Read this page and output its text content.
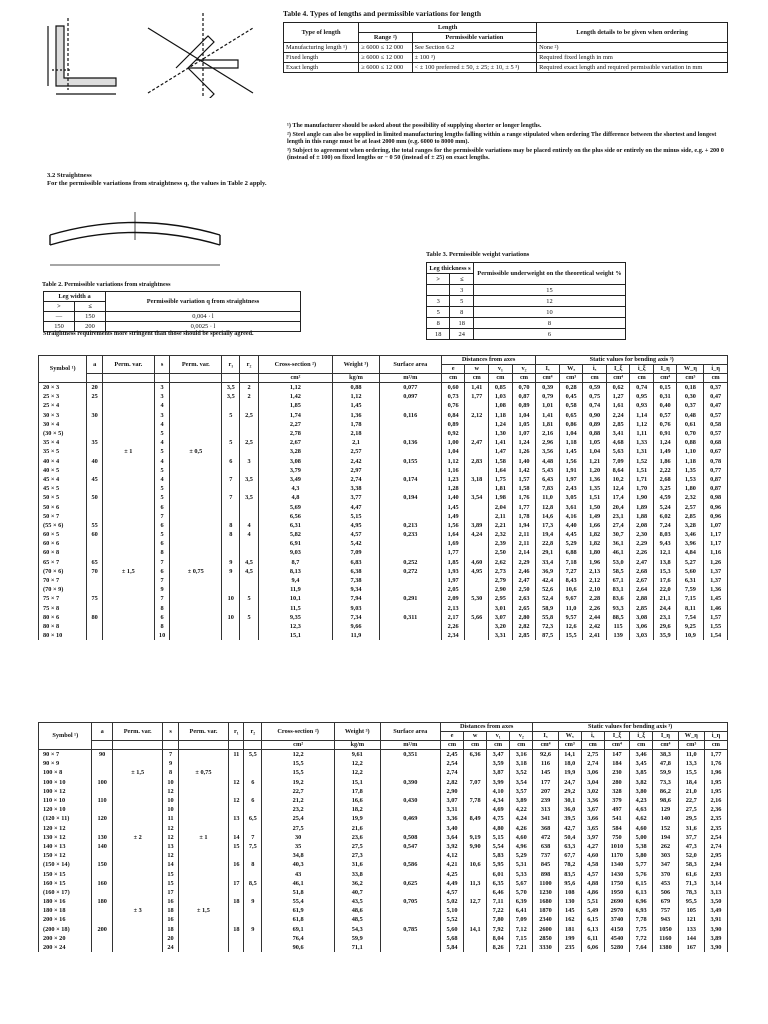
Table 4. Types of lengths and permissible variations for length
Type of length	Length		Length details to be given when ordering
	Range ²)	Permissible variation	
Manufacturing length ¹)	≥ 6000 ≤ 12 000	See Section 6.2	None ²)
Fixed length	≥ 6000 ≤ 12 000	± 100 ³)	Required fixed length in mm
Exact length	≥ 6000 ≤ 12 000	< ± 100 preferred ± 50, ± 25; ± 10, ± 5 ³)	Required exact length and required permissible variation in mm

¹) The manufacturer should be asked about the possibility of supplying shorter or longer lengths.

²) Steel angle can also be supplied in limited manufacturing lengths falling within a range stipulated when ordering The difference between the shortest and longest length in this range must be at least 2000 mm (e.g. 6000 to 8000 mm).

³) Subject to agreement when ordering, the total ranges for the permissible variations may be placed entirely on the plus side or entirely on the minus side, e.g. + 200 0 (instead of ± 100) on fixed lengths or − 0 50 (instead of ± 25) on exact lengths.

3.2 Straightness
For the permissible variations from straightness q, the values in Table 2 apply.
Table 2. Permissible variations from straightness
Leg width a		Permissible variation q from straightness
>	≤	
—	150	0,004 · l
150	200	0,0025 · l
Straightness requirements more stringent than those should be specially agreed.
Table 3. Permissible weight variations
Leg thickness s		Permissible underweight on the theoretical weight %
>	≤	
	3	15
3	5	12
5	8	10
8	18	8
18	24	6
Symbol ¹)	a	Perm. var.	s	Perm. var.	r₁	r₂	Cross-section ²)	Weight ³)	Surface area	Distances from axes				Static values for bending axis ³)							
										e	w	v₁	v₂	Iₓ	Wₓ	iₓ	I_ξ	i_ξ	I_η	W_η	i_η
							cm²	kg/m	m²/m	cm	cm	cm	cm	cm⁴	cm³	cm	cm⁴	cm	cm⁴	cm³	cm
20 × 3	20		3		3,5	2	1,12	0,88	0,077	0,60	1,41	0,85	0,70	0,39	0,28	0,59	0,62	0,74	0,15	0,18	0,37
25 × 3	25		3		3,5	2	1,42	1,12	0,097	0,73	1,77	1,03	0,87	0,79	0,45	0,75	1,27	0,95	0,31	0,30	0,47
25 × 4			4				1,85	1,45		0,76		1,08	0,89	1,01	0,58	0,74	1,61	0,93	0,40	0,37	0,47
30 × 3	30		3		5	2,5	1,74	1,36	0,116	0,84	2,12	1,18	1,04	1,41	0,65	0,90	2,24	1,14	0,57	0,48	0,57
30 × 4			4				2,27	1,78		0,89		1,24	1,05	1,81	0,86	0,89	2,85	1,12	0,76	0,61	0,58
(30 × 5)			5				2,78	2,18		0,92		1,30	1,07	2,16	1,04	0,88	3,41	1,11	0,91	0,70	0,57
35 × 4	35		4		5	2,5	2,67	2,1	0,136	1,00	2,47	1,41	1,24	2,96	1,18	1,05	4,68	1,33	1,24	0,88	0,68
35 × 5		± 1	5	± 0,5			3,28	2,57		1,04		1,47	1,26	3,56	1,45	1,04	5,63	1,31	1,49	1,10	0,67
40 × 4	40		4		6	3	3,08	2,42	0,155	1,12	2,83	1,58	1,40	4,48	1,56	1,21	7,09	1,52	1,86	1,18	0,78
40 × 5			5				3,79	2,97		1,16		1,64	1,42	5,43	1,91	1,20	8,64	1,51	2,22	1,35	0,77
45 × 4	45		4		7	3,5	3,49	2,74	0,174	1,23	3,18	1,75	1,57	6,43	1,97	1,36	10,2	1,71	2,68	1,53	0,87
45 × 5			5				4,3	3,38		1,28		1,81	1,58	7,83	2,43	1,35	12,4	1,70	3,25	1,80	0,87
50 × 5	50		5		7	3,5	4,8	3,77	0,194	1,40	3,54	1,98	1,76	11,0	3,05	1,51	17,4	1,90	4,59	2,32	0,98
50 × 6			6				5,69	4,47		1,45		2,04	1,77	12,8	3,61	1,50	20,4	1,89	5,24	2,57	0,96
50 × 7			7				6,56	5,15		1,49		2,11	1,78	14,6	4,16	1,49	23,1	1,88	6,02	2,85	0,96
(55 × 6)	55		6		8	4	6,31	4,95	0,213	1,56	3,89	2,21	1,94	17,3	4,40	1,66	27,4	2,08	7,24	3,28	1,07
60 × 5	60		5		8	4	5,82	4,57	0,233	1,64	4,24	2,32	2,11	19,4	4,45	1,82	30,7	2,30	8,03	3,46	1,17
60 × 6			6				6,91	5,42		1,69		2,39	2,11	22,8	5,29	1,82	36,1	2,29	9,43	3,96	1,17
60 × 8			8				9,03	7,09		1,77		2,50	2,14	29,1	6,88	1,80	46,1	2,26	12,1	4,84	1,16
65 × 7	65		7		9	4,5	8,7	6,83	0,252	1,85	4,60	2,62	2,29	33,4	7,18	1,96	53,0	2,47	13,8	5,27	1,26
(70 × 6)	70	± 1,5	6	± 0,75	9	4,5	8,13	6,38	0,272	1,93	4,95	2,73	2,46	36,9	7,27	2,13	58,5	2,68	15,3	5,60	1,37
70 × 7			7				9,4	7,38		1,97		2,79	2,47	42,4	8,43	2,12	67,1	2,67	17,6	6,31	1,37
(70 × 9)			9				11,9	9,34		2,05		2,90	2,50	52,6	10,6	2,10	83,1	2,64	22,0	7,59	1,36
75 × 7	75		7		10	5	10,1	7,94	0,291	2,09	5,30	2,95	2,63	52,4	9,67	2,28	83,6	2,88	21,1	7,15	1,45
75 × 8			8				11,5	9,03		2,13		3,01	2,65	58,9	11,0	2,26	93,3	2,85	24,4	8,11	1,46
80 × 6	80		6		10	5	9,35	7,34	0,311	2,17	5,66	3,07	2,80	55,8	9,57	2,44	88,5	3,08	23,1	7,54	1,57
80 × 8			8				12,3	9,66		2,26		3,20	2,82	72,3	12,6	2,42	115	3,06	29,6	9,25	1,55
80 × 10			10				15,1	11,9		2,34		3,31	2,85	87,5	15,5	2,41	139	3,03	35,9	10,9	1,54
Symbol ¹)	a	Perm. var.	s	Perm. var.	r₁	r₂	Cross-section ²)	Weight ³)	Surface area	Distances from axes				Static values for bending axis ³)							
										e	w	v₁	v₂	Iₓ	Wₓ	iₓ	I_ξ	i_ξ	I_η	W_η	i_η
							cm²	kg/m	m²/m	cm	cm	cm	cm	cm⁴	cm³	cm	cm⁴	cm	cm⁴	cm³	cm
90 × 7	90		7		11	5,5	12,2	9,61	0,351	2,45	6,36	3,47	3,16	92,6	14,1	2,75	147	3,46	38,3	11,0	1,77
90 × 9			9				15,5	12,2		2,54		3,59	3,18	116	18,0	2,74	184	3,45	47,8	13,3	1,76
100 × 8		± 1,5	8	± 0,75			15,5	12,2		2,74		3,87	3,52	145	19,9	3,06	230	3,85	59,9	15,5	1,96
100 × 10	100		10		12	6	19,2	15,1	0,390	2,82	7,07	3,99	3,54	177	24,7	3,04	280	3,82	73,3	18,4	1,95
100 × 12			12				22,7	17,8		2,90		4,10	3,57	207	29,2	3,02	328	3,80	86,2	21,0	1,95
110 × 10	110		10		12	6	21,2	16,6	0,430	3,07	7,78	4,34	3,89	239	30,1	3,36	379	4,23	98,6	22,7	2,16
120 × 10			10				23,2	18,2		3,31		4,69	4,22	313	36,0	3,67	497	4,63	129	27,5	2,36
(120 × 11)	120		11		13	6,5	25,4	19,9	0,469	3,36	8,49	4,75	4,24	341	39,5	3,66	541	4,62	140	29,5	2,35
120 × 12			12				27,5	21,6		3,40		4,80	4,26	368	42,7	3,65	584	4,60	152	31,6	2,35
130 × 12	130	± 2	12	± 1	14	7	30	23,6	0,508	3,64	9,19	5,15	4,60	472	50,4	3,97	750	5,00	194	37,7	2,54
140 × 13	140		13		15	7,5	35	27,5	0,547	3,92	9,90	5,54	4,96	638	63,3	4,27	1010	5,38	262	47,3	2,74
150 × 12			12				34,8	27,3		4,12		5,83	5,29	737	67,7	4,60	1170	5,80	303	52,0	2,95
(150 × 14)	150		14		16	8	40,3	31,6	0,586	4,21	10,6	5,95	5,31	845	78,2	4,58	1340	5,77	347	58,3	2,94
150 × 15			15				43	33,8		4,25		6,01	5,33	898	83,5	4,57	1430	5,76	370	61,6	2,93
160 × 15	160		15		17	8,5	46,1	36,2	0,625	4,49	11,3	6,35	5,67	1100	95,6	4,88	1750	6,15	453	71,3	3,14
(160 × 17)			17				51,8	40,7		4,57		6,46	5,70	1230	108	4,86	1950	6,13	506	78,3	3,13
180 × 16	180		16		18	9	55,4	43,5	0,705	5,02	12,7	7,11	6,39	1680	130	5,51	2690	6,96	679	95,5	3,50
180 × 18		± 3	18	± 1,5			61,9	48,6		5,10		7,22	6,41	1870	145	5,49	2970	6,93	757	105	3,49
200 × 16			16				61,8	48,5		5,52		7,80	7,09	2340	162	6,15	3740	7,78	943	121	3,91
(200 × 18)	200		18		18	9	69,1	54,3	0,785	5,60	14,1	7,92	7,12	2600	181	6,13	4150	7,75	1050	133	3,90
200 × 20			20				76,4	59,9		5,68		8,04	7,15	2850	199	6,11	4540	7,72	1160	144	3,89
200 × 24			24				90,6	71,1		5,84		8,26	7,21	3330	235	6,06	5280	7,64	1380	167	3,90
